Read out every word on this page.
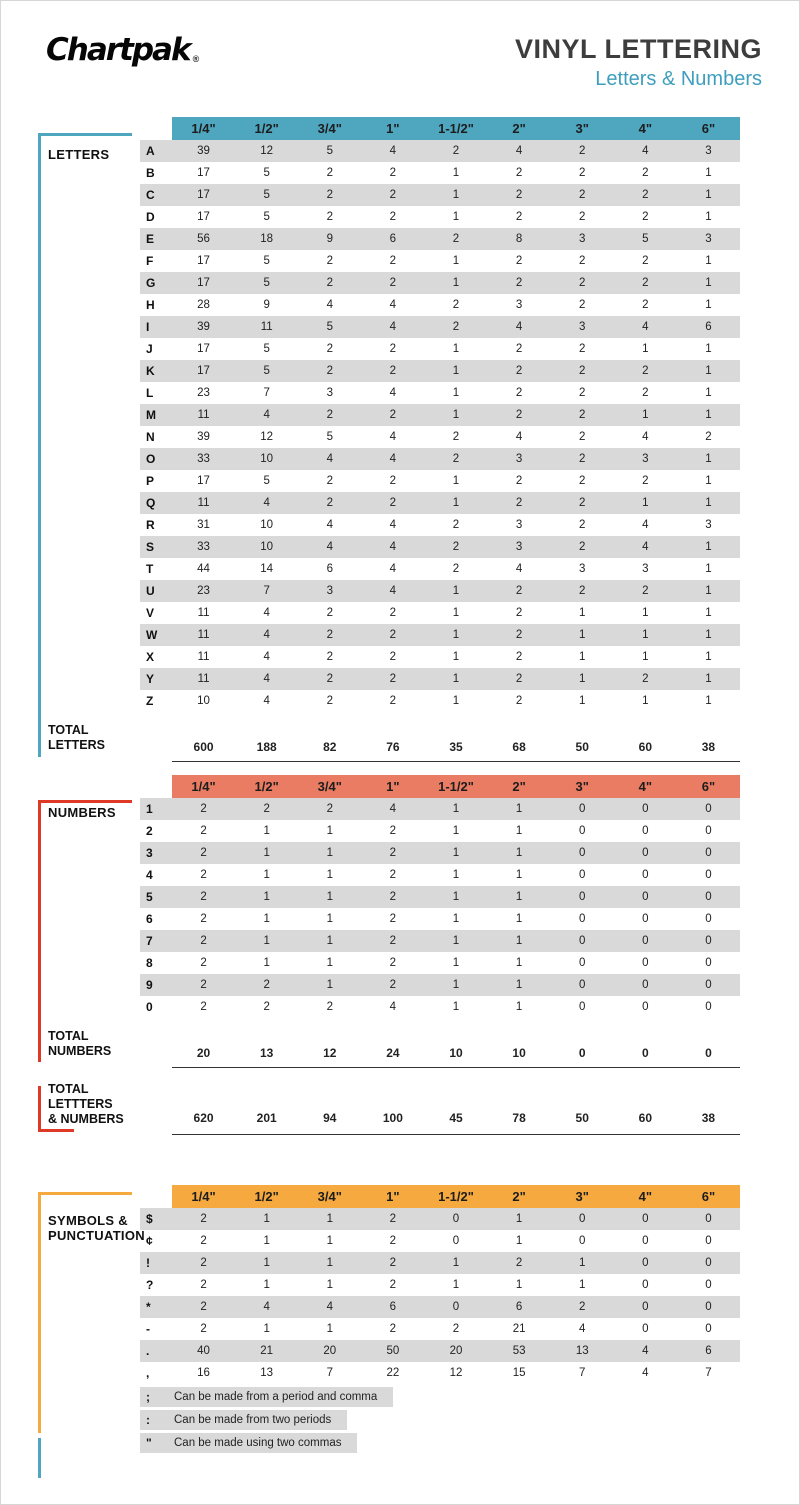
Chartpak ®	VINYL LETTERING
Letters & Numbers
LETTERS
1/4"	1/2"	3/4"	1"	1-1/2"	2"	3"	4"	6"
A	39	12	5	4	2	4	2	4	3
B	17	5	2	2	1	2	2	2	1
C	17	5	2	2	1	2	2	2	1
D	17	5	2	2	1	2	2	2	1
E	56	18	9	6	2	8	3	5	3
F	17	5	2	2	1	2	2	2	1
G	17	5	2	2	1	2	2	2	1
H	28	9	4	4	2	3	2	2	1
I	39	11	5	4	2	4	3	4	6
J	17	5	2	2	1	2	2	1	1
K	17	5	2	2	1	2	2	2	1
L	23	7	3	4	1	2	2	2	1
M	11	4	2	2	1	2	2	1	1
N	39	12	5	4	2	4	2	4	2
O	33	10	4	4	2	3	2	3	1
P	17	5	2	2	1	2	2	2	1
Q	11	4	2	2	1	2	2	1	1
R	31	10	4	4	2	3	2	4	3
S	33	10	4	4	2	3	2	4	1
T	44	14	6	4	2	4	3	3	1
U	23	7	3	4	1	2	2	2	1
V	11	4	2	2	1	2	1	1	1
W	11	4	2	2	1	2	1	1	1
X	11	4	2	2	1	2	1	1	1
Y	11	4	2	2	1	2	1	2	1
Z	10	4	2	2	1	2	1	1	1
TOTAL
LETTERS	600	188	82	76	35	68	50	60	38
NUMBERS
1/4"	1/2"	3/4"	1"	1-1/2"	2"	3"	4"	6"
1	2	2	2	4	1	1	0	0	0
2	2	1	1	2	1	1	0	0	0
3	2	1	1	2	1	1	0	0	0
4	2	1	1	2	1	1	0	0	0
5	2	1	1	2	1	1	0	0	0
6	2	1	1	2	1	1	0	0	0
7	2	1	1	2	1	1	0	0	0
8	2	1	1	2	1	1	0	0	0
9	2	2	1	2	1	1	0	0	0
0	2	2	2	4	1	1	0	0	0
TOTAL
NUMBERS	20	13	12	24	10	10	0	0	0
TOTAL
LETTTERS
& NUMBERS	620	201	94	100	45	78	50	60	38
SYMBOLS &
PUNCTUATION
1/4"	1/2"	3/4"	1"	1-1/2"	2"	3"	4"	6"
$	2	1	1	2	0	1	0	0	0
¢	2	1	1	2	0	1	0	0	0
!	2	1	1	2	1	2	1	0	0
?	2	1	1	2	1	1	1	0	0
*	2	4	4	6	0	6	2	0	0
-	2	1	1	2	2	21	4	0	0
.	40	21	20	50	20	53	13	4	6
,	16	13	7	22	12	15	7	4	7
;	Can be made from a period and comma
:	Can be made from two periods
"	Can be made using two commas
